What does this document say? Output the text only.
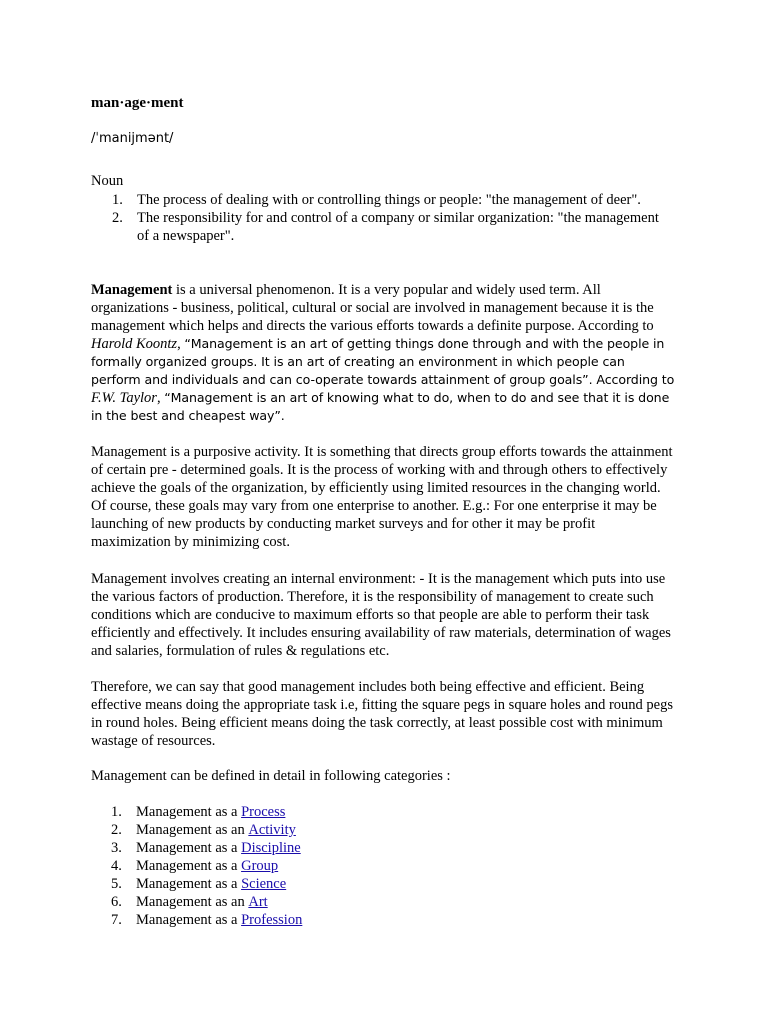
man·age·ment
/ˈmanijmənt/
Noun
1. The process of dealing with or controlling things or people: "the management of deer".
2. The responsibility for and control of a company or similar organization: "the management of a newspaper".

Management is a universal phenomenon. It is a very popular and widely used term. All organizations - business, political, cultural or social are involved in management because it is the management which helps and directs the various efforts towards a definite purpose. According to Harold Koontz, “Management is an art of getting things done through and with the people in formally organized groups. It is an art of creating an environment in which people can perform and individuals and can co-operate towards attainment of group goals”. According to F.W. Taylor, “Management is an art of knowing what to do, when to do and see that it is done in the best and cheapest way”.

Management is a purposive activity. It is something that directs group efforts towards the attainment of certain pre - determined goals. It is the process of working with and through others to effectively achieve the goals of the organization, by efficiently using limited resources in the changing world. Of course, these goals may vary from one enterprise to another. E.g.: For one enterprise it may be launching of new products by conducting market surveys and for other it may be profit maximization by minimizing cost.

Management involves creating an internal environment: - It is the management which puts into use the various factors of production. Therefore, it is the responsibility of management to create such conditions which are conducive to maximum efforts so that people are able to perform their task efficiently and effectively. It includes ensuring availability of raw materials, determination of wages and salaries, formulation of rules & regulations etc.

Therefore, we can say that good management includes both being effective and efficient. Being effective means doing the appropriate task i.e, fitting the square pegs in square holes and round pegs in round holes. Being efficient means doing the task correctly, at least possible cost with minimum wastage of resources.

Management can be defined in detail in following categories :

1. Management as a
Process
2. Management as an
Activity
3. Management as a
Discipline
4. Management as a
Group
5. Management as a
Science
6. Management as an
Art
7. Management as a
Profession
